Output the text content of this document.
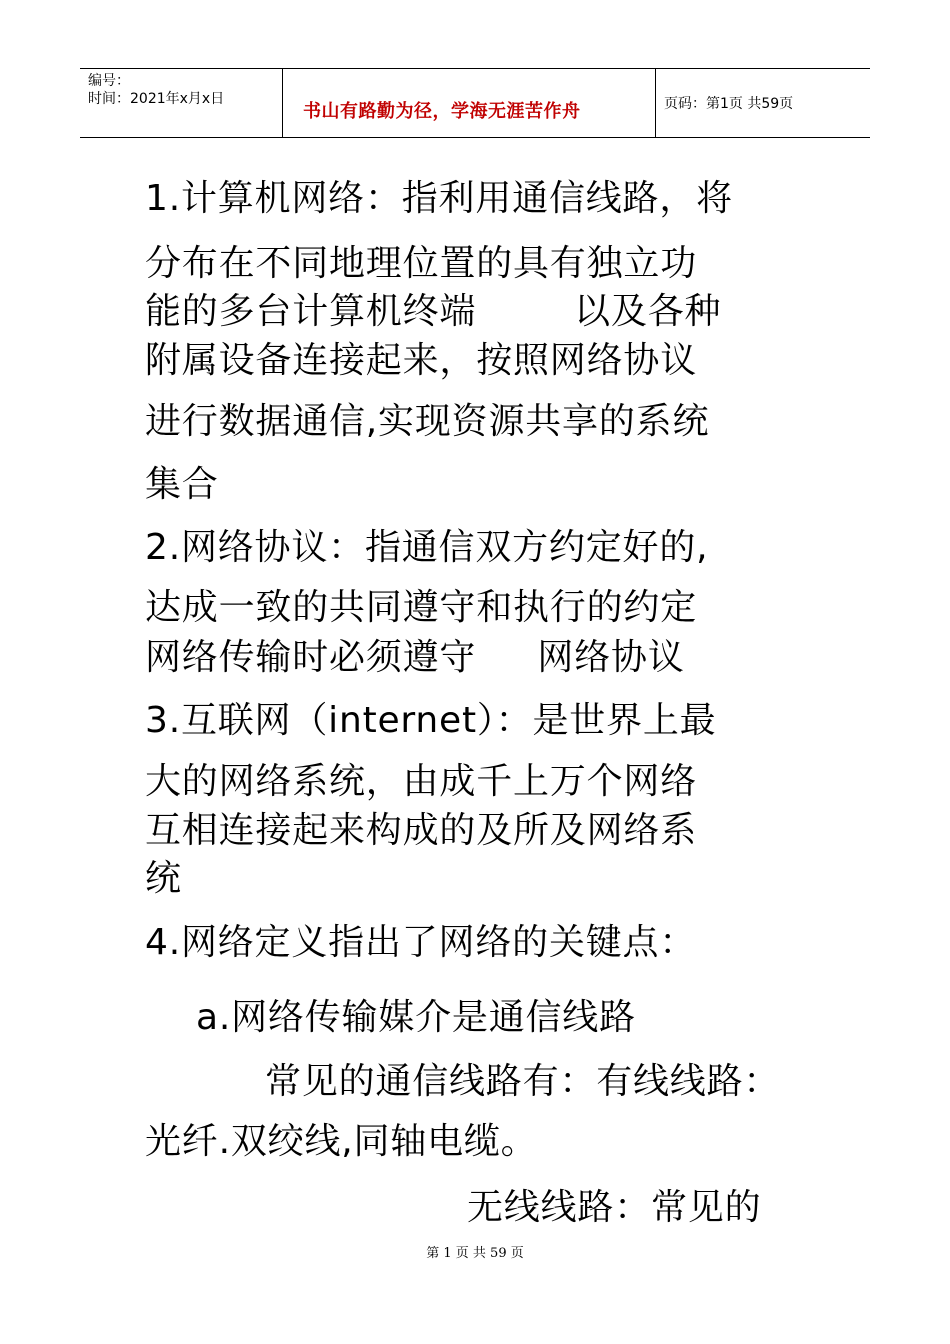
编号：
时间：2021年x月x日
书山有路勤为径，学海无涯苦作舟	页码：第1页 共59页
1.计算机网络：指利用通信线路，将
分布在不同地理位置的具有独立功
能的多台计算机终端        以及各种
附属设备连接起来，按照网络协议
进行数据通信,实现资源共享的系统
集合
2.网络协议：指通信双方约定好的,
达成一致的共同遵守和执行的约定
网络传输时必须遵守     网络协议
3.互联网（internet）：是世界上最
大的网络系统，由成千上万个网络
互相连接起来构成的及所及网络系
统
4.网络定义指出了网络的关键点：
a.网络传输媒介是通信线路
常见的通信线路有：有线线路：
光纤.双绞线,同轴电缆。
无线线路：常见的
第 1 页 共 59 页
